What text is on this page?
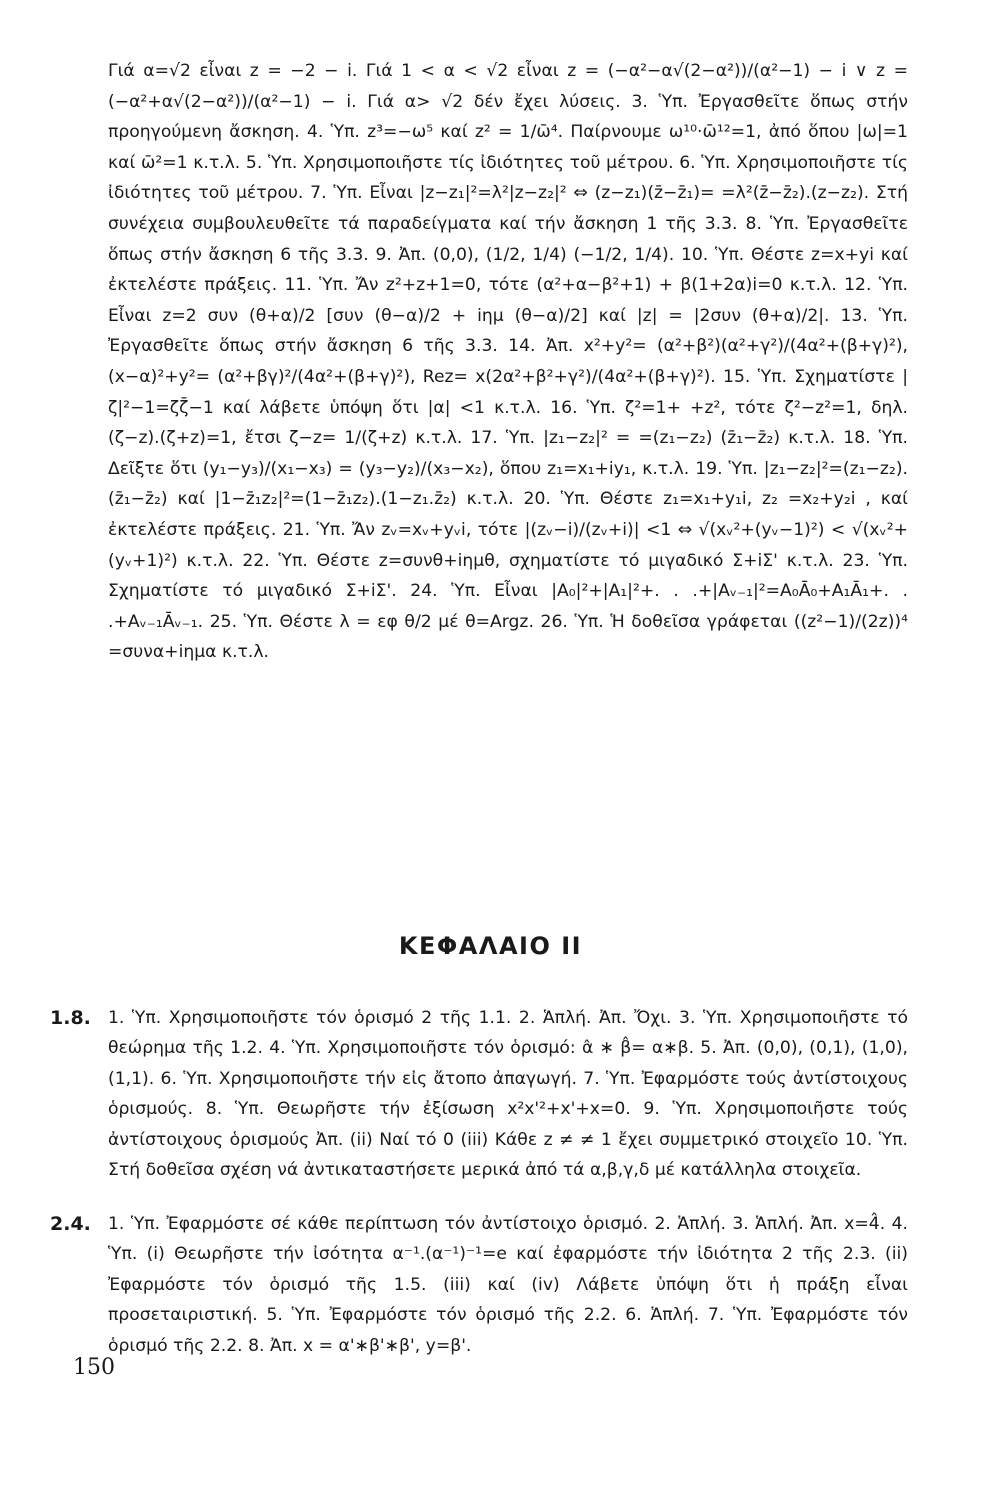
Γιά α=√2 εἶναι z = −2 − i. Γιά 1 < α < √2 εἶναι z = (−α²−α√(2−α²))/(α²−1) − i ∨ z = (−α²+α√(2−α²))/(α²−1) − i. Γιά α> √2 δέν ἔχει λύσεις. 3. Ὑπ. Ἐργασθεῖτε ὅπως στήν προηγούμενη ἄσκηση. 4. Ὑπ. z³=−ω⁵ καί z² = 1/ω̄⁴. Παίρνουμε ω¹⁰·ω̄¹²=1, ἀπό ὅπου |ω|=1 καί ω̄²=1 κ.τ.λ. 5. Ὑπ. Χρησιμοποιῆστε τίς ἰδιότητες τοῦ μέτρου. 6. Ὑπ. Χρησιμοποιῆστε τίς ἰδιότητες τοῦ μέτρου. 7. Ὑπ. Εἶναι |z−z₁|²=λ²|z−z₂|² ⇔ (z−z₁)(z̄−z̄₁)= =λ²(z̄−z̄₂).(z−z₂). Στή συνέχεια συμβουλευθεῖτε τά παραδείγματα καί τήν ἄσκηση 1 τῆς 3.3. 8. Ὑπ. Ἐργασθεῖτε ὅπως στήν ἄσκηση 6 τῆς 3.3. 9. Ἀπ. (0,0), (1/2, 1/4) (−1/2, 1/4). 10. Ὑπ. Θέστε z=x+yi καί ἐκτελέστε πράξεις. 11. Ὑπ. Ἄν z²+z+1=0, τότε (α²+α−β²+1) + β(1+2α)i=0 κ.τ.λ. 12. Ὑπ. Εἶναι z=2 συν (θ+α)/2 [συν (θ−α)/2 + iημ (θ−α)/2] καί |z| = |2συν (θ+α)/2|. 13. Ὑπ. Ἐργασθεῖτε ὅπως στήν ἄσκηση 6 τῆς 3.3. 14. Ἀπ. x²+y²= (α²+β²)(α²+γ²)/(4α²+(β+γ)²), (x−α)²+y²= (α²+βγ)²/(4α²+(β+γ)²), Rez= x(2α²+β²+γ²)/(4α²+(β+γ)²). 15. Ὑπ. Σχηματίστε |ζ|²−1=ζζ̄−1 καί λάβετε ὑπόψη ὅτι |α| <1 κ.τ.λ. 16. Ὑπ. ζ²=1+ +z², τότε ζ²−z²=1, δηλ. (ζ−z).(ζ+z)=1, ἔτσι ζ−z= 1/(ζ+z) κ.τ.λ. 17. Ὑπ. |z₁−z₂|² = =(z₁−z₂) (z̄₁−z̄₂) κ.τ.λ. 18. Ὑπ. Δεῖξτε ὅτι (y₁−y₃)/(x₁−x₃) = (y₃−y₂)/(x₃−x₂), ὅπου z₁=x₁+iy₁, κ.τ.λ. 19. Ὑπ. |z₁−z₂|²=(z₁−z₂).(z̄₁−z̄₂) καί |1−z̄₁z₂|²=(1−z̄₁z₂).(1−z₁.z̄₂) κ.τ.λ. 20. Ὑπ. Θέστε z₁=x₁+y₁i, z₂ =x₂+y₂i , καί ἐκτελέστε πράξεις. 21. Ὑπ. Ἄν zᵥ=xᵥ+yᵥi, τότε |(zᵥ−i)/(zᵥ+i)| <1 ⇔ √(xᵥ²+(yᵥ−1)²) < √(xᵥ²+(yᵥ+1)²) κ.τ.λ. 22. Ὑπ. Θέστε z=συνθ+iημθ, σχηματίστε τό μιγαδικό Σ+iΣ' κ.τ.λ. 23. Ὑπ. Σχηματίστε τό μιγαδικό Σ+iΣ'. 24. Ὑπ. Εἶναι |A₀|²+|A₁|²+. . .+|Aᵥ₋₁|²=A₀Ā₀+A₁Ā₁+. . .+Aᵥ₋₁Āᵥ₋₁. 25. Ὑπ. Θέστε λ = εφ θ/2 μέ θ=Argz. 26. Ὑπ. Ἡ δοθεῖσα γράφεται ((z²−1)/(2z))⁴ =συνα+iημα κ.τ.λ.

ΚΕΦΑΛΑΙΟ ΙΙ
1.8. 1. Ὑπ. Χρησιμοποιῆστε τόν ὁρισμό 2 τῆς 1.1. 2. Ἁπλή. Ἀπ. Ὄχι. 3. Ὑπ. Χρησιμοποιῆστε τό θεώρημα τῆς 1.2. 4. Ὑπ. Χρησιμοποιῆστε τόν ὁρισμό: α̂ ∗ β̂= α∗β. 5. Ἀπ. (0,0), (0,1), (1,0), (1,1). 6. Ὑπ. Χρησιμοποιῆστε τήν εἰς ἄτοπο ἀπαγωγή. 7. Ὑπ. Ἐφαρμόστε τούς ἀντίστοιχους ὁρισμούς. 8. Ὑπ. Θεωρῆστε τήν ἐξίσωση x²x'²+x'+x=0. 9. Ὑπ. Χρησιμοποιῆστε τούς ἀντίστοιχους ὁρισμούς Ἀπ. (ii) Ναί τό 0 (iii) Κάθε z ≠ ≠ 1 ἔχει συμμετρικό στοιχεῖο 10. Ὑπ. Στή δοθεῖσα σχέση νά ἀντικαταστήσετε μερικά ἀπό τά α,β,γ,δ μέ κατάλληλα στοιχεῖα.
2.4. 1. Ὑπ. Ἐφαρμόστε σέ κάθε περίπτωση τόν ἀντίστοιχο ὁρισμό. 2. Ἁπλή. 3. Ἁπλή. Ἀπ. x=4̂. 4. Ὑπ. (i) Θεωρῆστε τήν ἰσότητα α⁻¹.(α⁻¹)⁻¹=e καί ἐφαρμόστε τήν ἰδιότητα 2 τῆς 2.3. (ii) Ἐφαρμόστε τόν ὁρισμό τῆς 1.5. (iii) καί (iv) Λάβετε ὑπόψη ὅτι ἡ πράξη εἶναι προσεταιριστική. 5. Ὑπ. Ἐφαρμόστε τόν ὁρισμό τῆς 2.2. 6. Ἁπλή. 7. Ὑπ. Ἐφαρμόστε τόν ὁρισμό τῆς 2.2. 8. Ἀπ. x = α'∗β'∗β', y=β'.
150
